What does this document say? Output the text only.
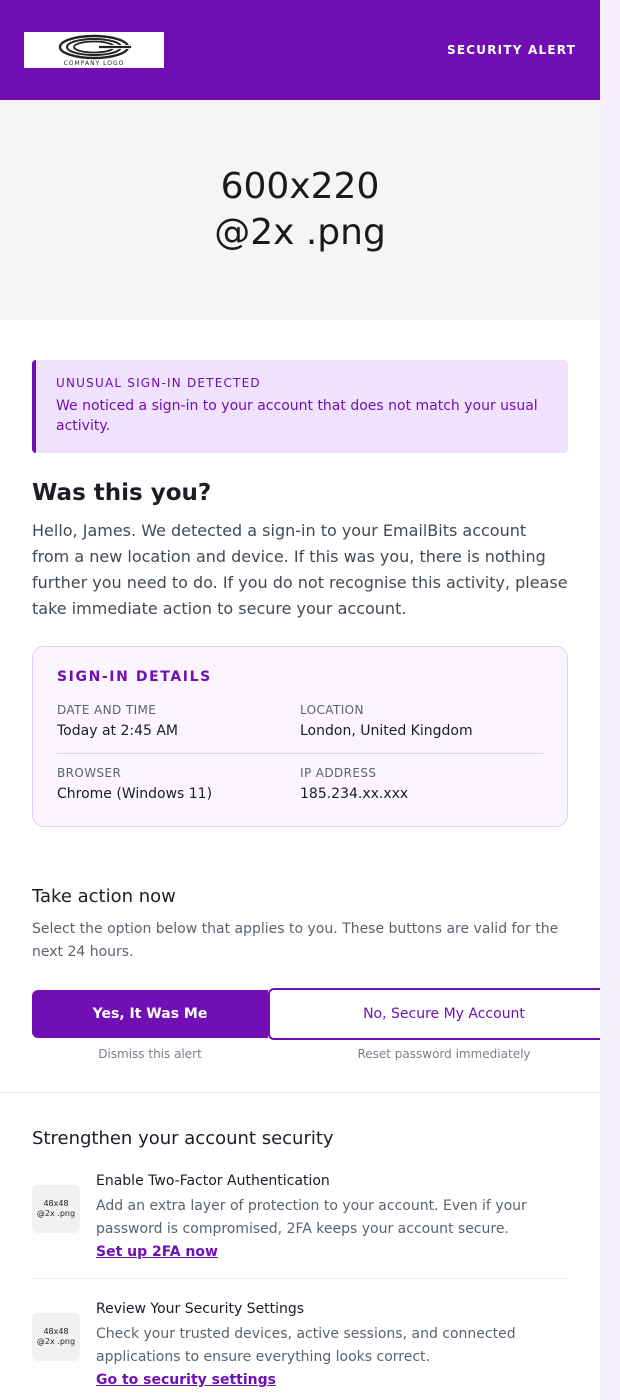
COMPANY LOGO
SECURITY ALERT
600x220
@2x .png
UNUSUAL SIGN-IN DETECTED
We noticed a sign-in to your account that does not match your usual activity.
Was this you?

Hello, James. We detected a sign-in to your EmailBits account from a new location and device. If this was you, there is nothing further you need to do. If you do not recognise this activity, please take immediate action to secure your account.

SIGN-IN DETAILS
DATE AND TIME
Today at 2:45 AM
LOCATION
London, United Kingdom
BROWSER
Chrome (Windows 11)
IP ADDRESS
185.234.xx.xxx
Take action now

Select the option below that applies to you. These buttons are valid for the next 24 hours.

Yes, It Was Me
Dismiss this alert
No, Secure My Account
Reset password immediately
Strengthen your account security
48x48
@2x .png
Enable Two-Factor Authentication
Add an extra layer of protection to your account. Even if your password is compromised, 2FA keeps your account secure.
Set up 2FA now
48x48
@2x .png
Review Your Security Settings
Check your trusted devices, active sessions, and connected applications to ensure everything looks correct.
Go to security settings
